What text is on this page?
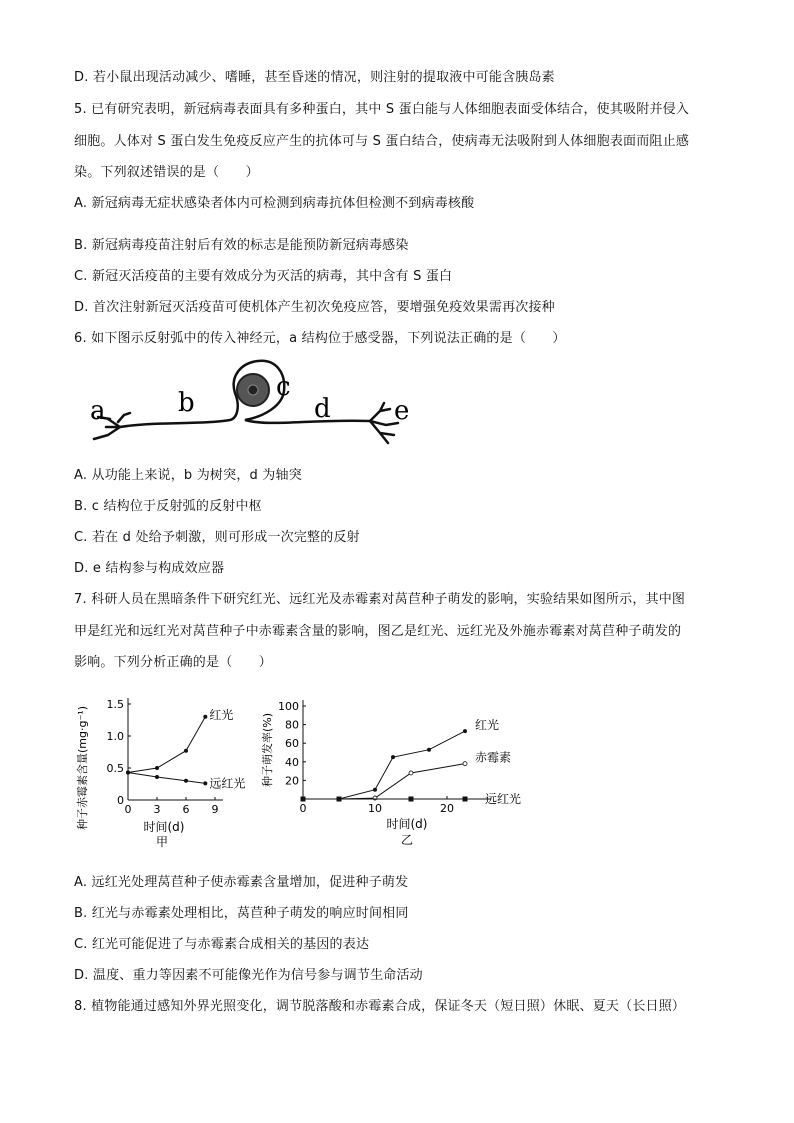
D. 若小鼠出现活动减少、嗜睡，甚至昏迷的情况，则注射的提取液中可能含胰岛素
5. 已有研究表明，新冠病毒表面具有多种蛋白，其中 S 蛋白能与人体细胞表面受体结合，使其吸附并侵入
细胞。人体对 S 蛋白发生免疫反应产生的抗体可与 S 蛋白结合，使病毒无法吸附到人体细胞表面而阻止感
染。下列叙述错误的是（　　）
A. 新冠病毒无症状感染者体内可检测到病毒抗体但检测不到病毒核酸
B. 新冠病毒疫苗注射后有效的标志是能预防新冠病毒感染
C. 新冠灭活疫苗的主要有效成分为灭活的病毒，其中含有 S 蛋白
D. 首次注射新冠灭活疫苗可使机体产生初次免疫应答，要增强免疫效果需再次接种
6. 如下图示反射弧中的传入神经元，a 结构位于感受器，下列说法正确的是（　　）
a	b
c
d e
A. 从功能上来说，b 为树突，d 为轴突
B. c 结构位于反射弧的反射中枢
C. 若在 d 处给予刺激，则可形成一次完整的反射
D. e 结构参与构成效应器
7. 科研人员在黑暗条件下研究红光、远红光及赤霉素对莴苣种子萌发的影响，实验结果如图所示，其中图
甲是红光和远红光对莴苣种子中赤霉素含量的影响，图乙是红光、远红光及外施赤霉素对莴苣种子萌发的
影响。下列分析正确的是（　　）
种子赤霉素含量(mg·g⁻¹)	时间(d)
甲
0 3 6 9
0
0.5
1.0
1.5
红光
远红光 种子萌发率(%)
时间(d)
乙
0	10	20
20
40
60
80
100
红光
赤霉素
远红光
A. 远红光处理莴苣种子使赤霉素含量增加，促进种子萌发
B. 红光与赤霉素处理相比，莴苣种子萌发的响应时间相同
C. 红光可能促进了与赤霉素合成相关的基因的表达
D. 温度、重力等因素不可能像光作为信号参与调节生命活动
8. 植物能通过感知外界光照变化，调节脱落酸和赤霉素合成，保证冬天（短日照）休眠、夏天（长日照）
